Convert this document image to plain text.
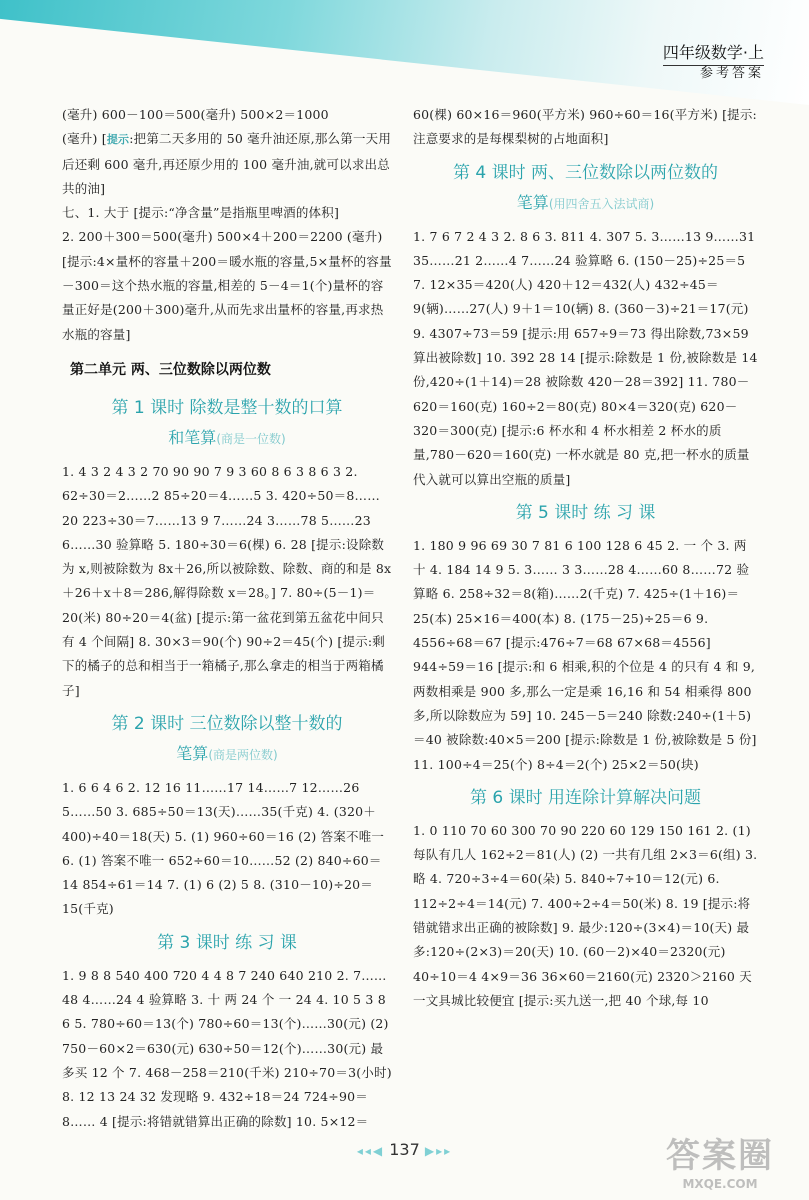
四年级数学·上
参考答案

(毫升) 600－100＝500(毫升) 500×2＝1000

(毫升) [提示:把第二天多用的 50 毫升油还原,那么第一天用后还剩 600 毫升,再还原少用的 100 毫升油,就可以求出总共的油]

七、1. 大于 [提示:“净含量”是指瓶里啤酒的体积]

2. 200＋300＝500(毫升) 500×4＋200＝2200 (毫升) [提示:4×量杯的容量＋200＝暖水瓶的容量,5×量杯的容量－300＝这个热水瓶的容量,相差的 5－4＝1(个)量杯的容量正好是(200＋300)毫升,从而先求出量杯的容量,再求热水瓶的容量]

第二单元 两、三位数除以两位数
第 1 课时 除数是整十数的口算
和笔算(商是一位数)

1. 4 3 2 4 3 2 70 90 90 7 9 3 60 8 6 3 8 6 3 2. 62÷30＝2……2 85÷20＝4……5 3. 420÷50＝8……20 223÷30＝7……13 9 7……24 3……78 5……23 6……30 验算略 5. 180÷30＝6(棵) 6. 28 [提示:设除数为 x,则被除数为 8x＋26,所以被除数、除数、商的和是 8x＋26＋x＋8＝286,解得除数 x＝28。] 7. 80÷(5－1)＝20(米) 80÷20＝4(盆) [提示:第一盆花到第五盆花中间只有 4 个间隔] 8. 30×3＝90(个) 90÷2＝45(个) [提示:剩下的橘子的总和相当于一箱橘子,那么拿走的相当于两箱橘子]

第 2 课时 三位数除以整十数的
笔算(商是两位数)

1. 6 6 4 6 2. 12 16 11……17 14……7 12……26 5……50 3. 685÷50＝13(天)……35(千克) 4. (320＋400)÷40＝18(天) 5. (1) 960÷60＝16 (2) 答案不唯一 6. (1) 答案不唯一 652÷60＝10……52 (2) 840÷60＝14 854÷61＝14 7. (1) 6 (2) 5 8. (310－10)÷20＝15(千克)

第 3 课时 练 习 课

1. 9 8 8 540 400 720 4 4 8 7 240 640 210 2. 7……48 4……24 4 验算略 3. 十 两 24 个 一 24 4. 10 5 3 8 6 5. 780÷60＝13(个) 780÷60＝13(个)……30(元) (2) 750－60×2＝630(元) 630÷50＝12(个)……30(元) 最多买 12 个 7. 468－258＝210(千米) 210÷70＝3(小时) 8. 12 13 24 32 发现略 9. 432÷18＝24 724÷90＝8…… 4 [提示:将错就错算出正确的除数] 10. 5×12＝

60(棵) 60×16＝960(平方米) 960÷60＝16(平方米) [提示:注意要求的是每棵梨树的占地面积]

第 4 课时 两、三位数除以两位数的
笔算(用四舍五入法试商)

1. 7 6 7 2 4 3 2. 8 6 3. 811 4. 307 5. 3……13 9……31 35……21 2……4 7……24 验算略 6. (150－25)÷25＝5 7. 12×35＝420(人) 420＋12＝432(人) 432÷45＝9(辆)……27(人) 9＋1＝10(辆) 8. (360－3)÷21＝17(元) 9. 4307÷73＝59 [提示:用 657÷9＝73 得出除数,73×59 算出被除数] 10. 392 28 14 [提示:除数是 1 份,被除数是 14 份,420÷(1＋14)＝28 被除数 420－28＝392] 11. 780－620＝160(克) 160÷2＝80(克) 80×4＝320(克) 620－320＝300(克) [提示:6 杯水和 4 杯水相差 2 杯水的质量,780－620＝160(克) 一杯水就是 80 克,把一杯水的质量代入就可以算出空瓶的质量]

第 5 课时 练 习 课

1. 180 9 96 69 30 7 81 6 100 128 6 45 2. 一 个 3. 两 十 4. 184 14 9 5. 3…… 3 3……28 4……60 8……72 验算略 6. 258÷32＝8(箱)……2(千克) 7. 425÷(1＋16)＝25(本) 25×16＝400(本) 8. (175－25)÷25＝6 9. 4556÷68＝67 [提示:476÷7＝68 67×68＝4556] 944÷59＝16 [提示:和 6 相乘,积的个位是 4 的只有 4 和 9,两数相乘是 900 多,那么一定是乘 16,16 和 54 相乘得 800 多,所以除数应为 59] 10. 245－5＝240 除数:240÷(1＋5)＝40 被除数:40×5＝200 [提示:除数是 1 份,被除数是 5 份] 11. 100÷4＝25(个) 8÷4＝2(个) 25×2＝50(块)

第 6 课时 用连除计算解决问题

1. 0 110 70 60 300 70 90 220 60 129 150 161 2. (1) 每队有几人 162÷2＝81(人) (2) 一共有几组 2×3＝6(组) 3. 略 4. 720÷3÷4＝60(朵) 5. 840÷7÷10＝12(元) 6. 112÷2÷4＝14(元) 7. 400÷2÷4＝50(米) 8. 19 [提示:将错就错求出正确的被除数] 9. 最少:120÷(3×4)＝10(天) 最多:120÷(2×3)＝20(天) 10. (60－2)×40＝2320(元) 40÷10＝4 4×9＝36 36×60＝2160(元) 2320＞2160 天一文具城比较便宜 [提示:买九送一,把 40 个球,每 10

◂◂◀ 137 ▶▸▸	答案圈
MXQE.COM
